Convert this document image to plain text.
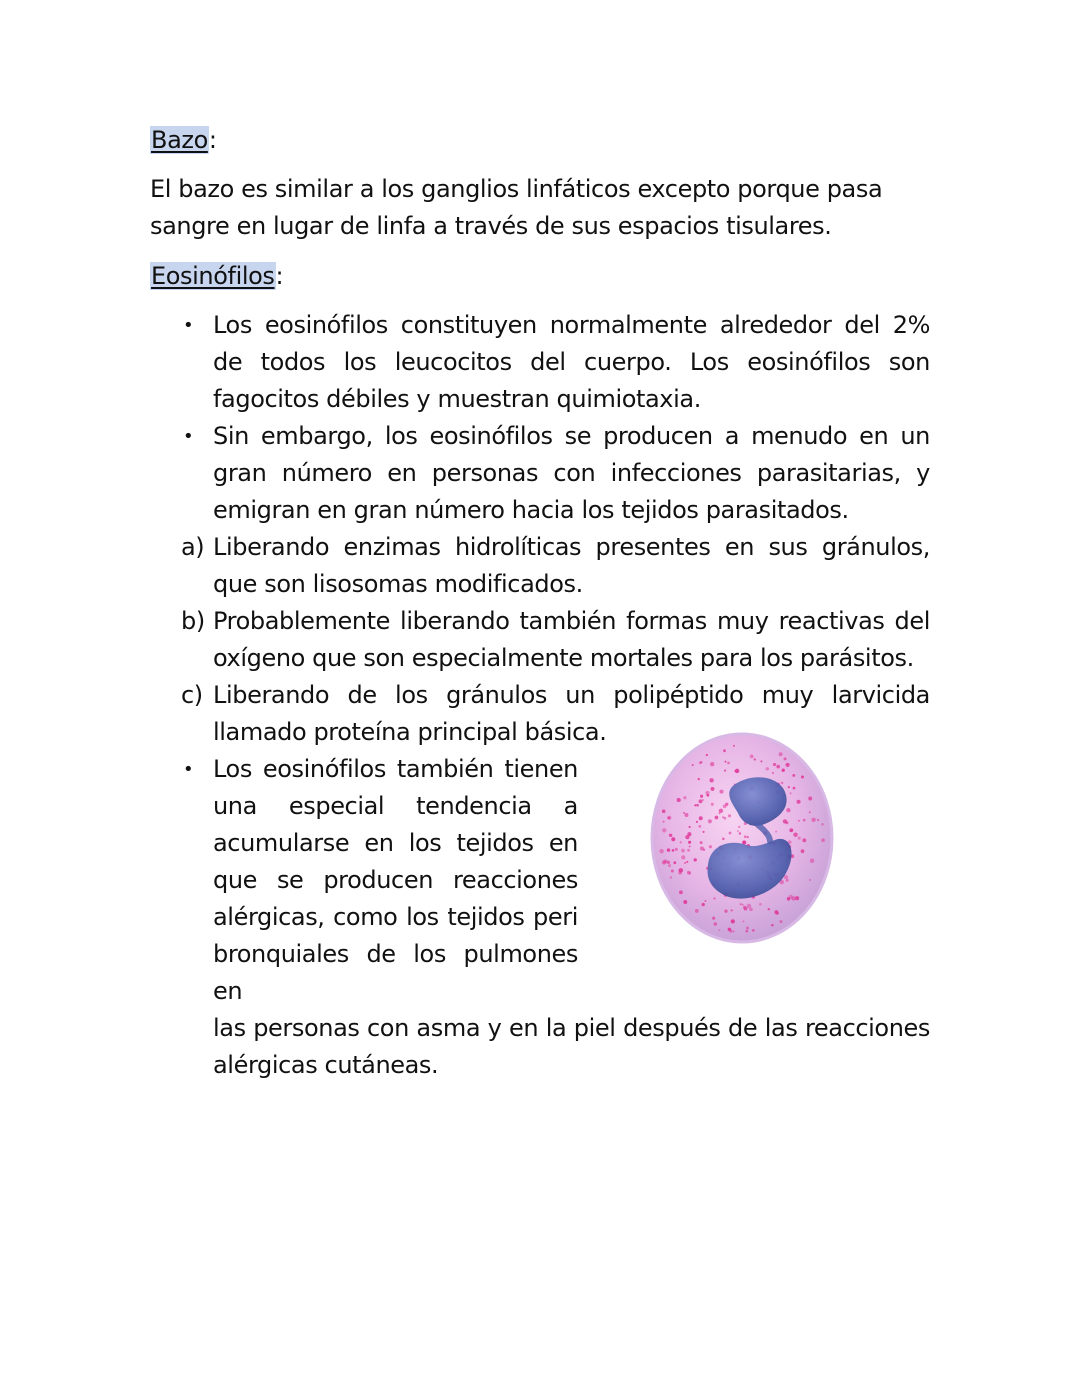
Bazo:
El bazo es similar a los ganglios linfáticos excepto porque pasa sangre en lugar de linfa a través de sus espacios tisulares.
Eosinófilos:
• Los eosinófilos constituyen normalmente alrededor del 2% de todos los leucocitos del cuerpo. Los eosinófilos son fagocitos débiles y muestran quimiotaxia.
• Sin embargo, los eosinófilos se producen a menudo en un gran número en personas con infecciones parasitarias, y emigran en gran número hacia los tejidos parasitados.
a) Liberando enzimas hidrolíticas presentes en sus gránulos, que son lisosomas modificados.
b) Probablemente liberando también formas muy reactivas del oxígeno que son especialmente mortales para los parásitos.
c) Liberando de los gránulos un polipéptido muy larvicida llamado proteína principal básica.
• Los eosinófilos también tienen una especial tendencia a acumularse en los tejidos en que se producen reacciones alérgicas, como los tejidos peri bronquiales de los pulmones en
las personas con asma y en la piel después de las reacciones alérgicas cutáneas.
